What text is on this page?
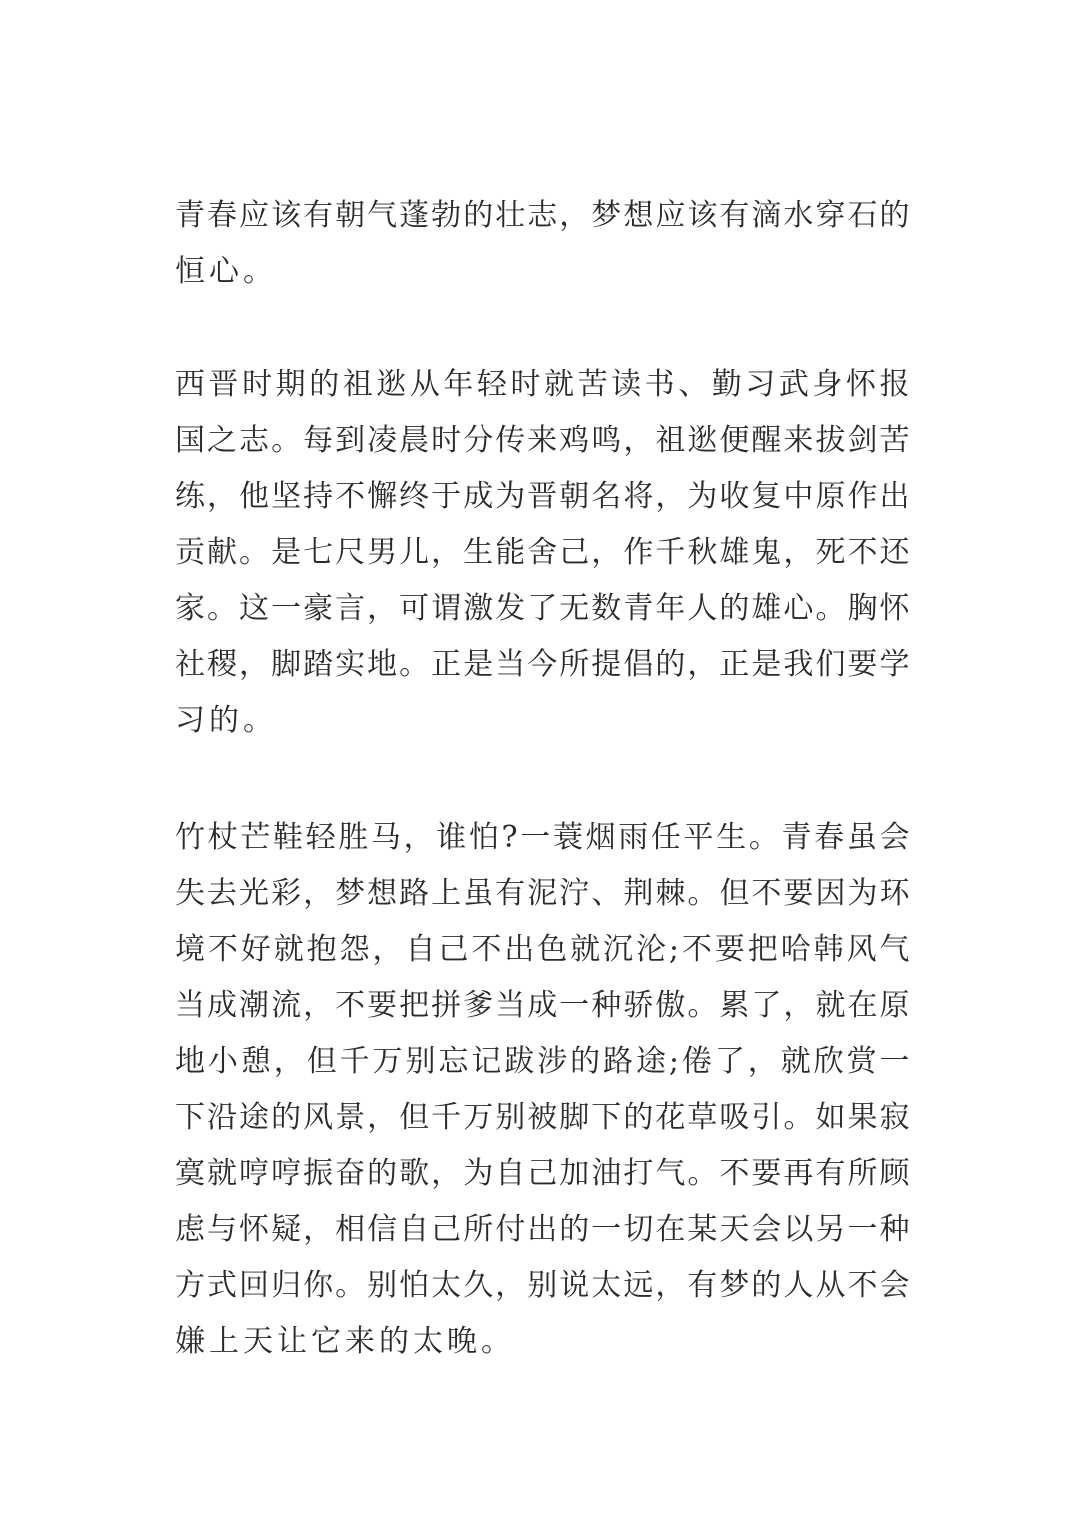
青春应该有朝气蓬勃的壮志，梦想应该有滴水穿石的
恒心。
西晋时期的祖逖从年轻时就苦读书、勤习武身怀报
国之志。每到凌晨时分传来鸡鸣，祖逖便醒来拔剑苦
练，他坚持不懈终于成为晋朝名将，为收复中原作出
贡献。是七尺男儿，生能舍己，作千秋雄鬼，死不还
家。这一豪言，可谓激发了无数青年人的雄心。胸怀
社稷，脚踏实地。正是当今所提倡的，正是我们要学
习的。
竹杖芒鞋轻胜马，谁怕?一蓑烟雨任平生。青春虽会
失去光彩，梦想路上虽有泥泞、荆棘。但不要因为环
境不好就抱怨，自己不出色就沉沦;不要把哈韩风气
当成潮流，不要把拼爹当成一种骄傲。累了，就在原
地小憩，但千万别忘记跋涉的路途;倦了，就欣赏一
下沿途的风景，但千万别被脚下的花草吸引。如果寂
寞就哼哼振奋的歌，为自己加油打气。不要再有所顾
虑与怀疑，相信自己所付出的一切在某天会以另一种
方式回归你。别怕太久，别说太远，有梦的人从不会
嫌上天让它来的太晚。
